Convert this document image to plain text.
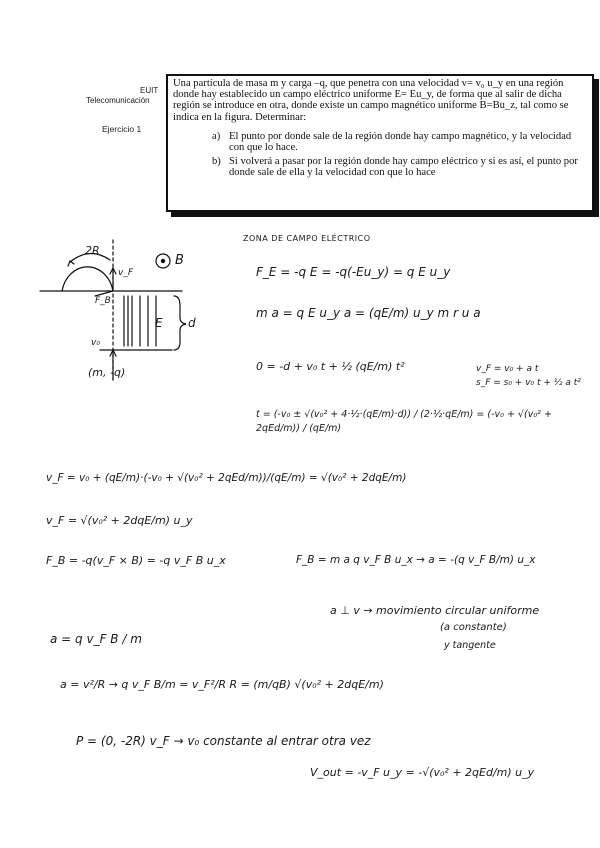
EUIT
Telecomunicación
Ejercicio 1
Una partícula de masa m y carga –q, que penetra con una velocidad v= v₀ u_y en una región donde hay establecido un campo eléctrico uniforme E= Eu_y, de forma que al salir de dicha región se introduce en otra, donde existe un campo magnético uniforme B=Bu_z, tal como se indica en la figura. Determinar:
a) El punto por donde sale de la región donde hay campo magnético, y la velocidad con que lo hace.
b) Si volverá a pasar por la región donde hay campo eléctrico y si es así, el punto por donde sale de ella y la velocidad con que lo hace
2R
v_F
B
F_B
E d
v₀
(m, -q)
ZONA DE CAMPO ELÉCTRICO
F_E = -q E = -q(-Eu_y) = q E u_y
m a = q E u_y a = (qE/m) u_y m r u a
v_F = v₀ + a t
s_F = s₀ + v₀ t + ½ a t²
0 = -d + v₀ t + ½ (qE/m) t²
t = (-v₀ ± √(v₀² + 4·½·(qE/m)·d)) / (2·½·qE/m) = (-v₀ + √(v₀² + 2qEd/m)) / (qE/m)
v_F = v₀ + (qE/m)·(-v₀ + √(v₀² + 2qEd/m))/(qE/m) = √(v₀² + 2dqE/m)
v_F = √(v₀² + 2dqE/m) u_y
F_B = -q(v_F × B) = -q v_F B u_x	F_B = m a q v_F B u_x → a = -(q v_F B/m) u_x
a ⊥ v → movimiento circular uniforme
(a constante)
y tangente
a = q v_F B / m
a = v²/R → q v_F B/m = v_F²/R R = (m/qB) √(v₀² + 2dqE/m)
P = (0, -2R) v_F → v₀ constante al entrar otra vez
V_out = -v_F u_y = -√(v₀² + 2qEd/m) u_y
